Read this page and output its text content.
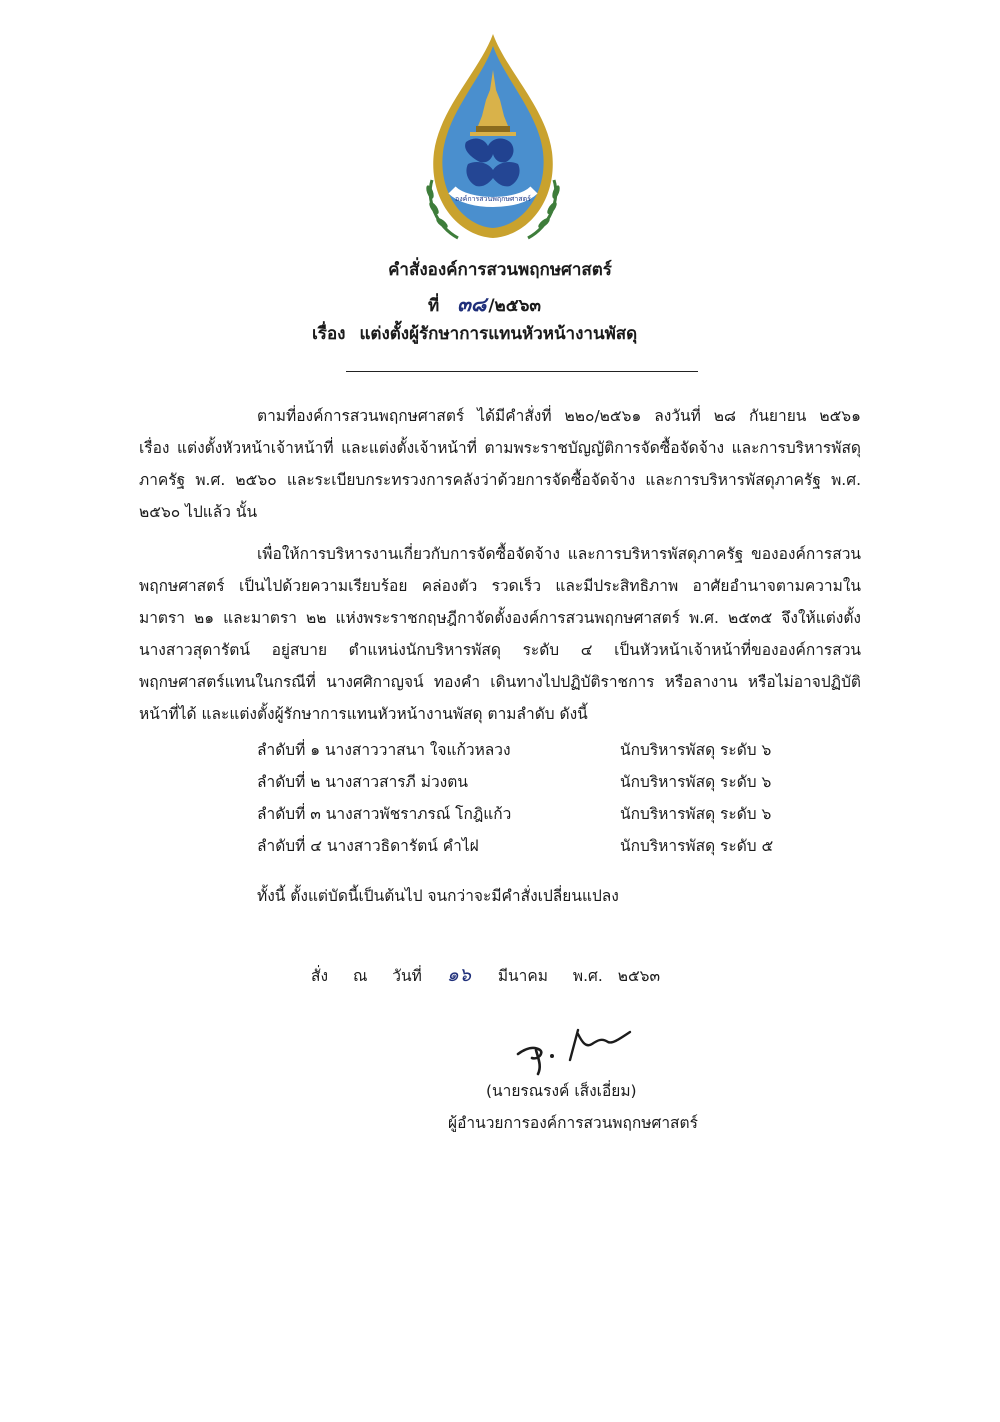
องค์การสวนพฤกษศาสตร์
คำสั่งองค์การสวนพฤกษศาสตร์
ที่ ๓๘ /๒๕๖๓
เรื่อง แต่งตั้งผู้รักษาการแทนหัวหน้างานพัสดุ
ตามที่องค์การสวนพฤกษศาสตร์ ได้มีคำสั่งที่ ๒๒๐/๒๕๖๑ ลงวันที่ ๒๘ กันยายน ๒๕๖๑
เรื่อง แต่งตั้งหัวหน้าเจ้าหน้าที่ และแต่งตั้งเจ้าหน้าที่ ตามพระราชบัญญัติการจัดซื้อจัดจ้าง และการบริหารพัสดุ
ภาครัฐ พ.ศ. ๒๕๖๐ และระเบียบกระทรวงการคลังว่าด้วยการจัดซื้อจัดจ้าง และการบริหารพัสดุภาครัฐ พ.ศ.
๒๕๖๐ ไปแล้ว นั้น
เพื่อให้การบริหารงานเกี่ยวกับการจัดซื้อจัดจ้าง และการบริหารพัสดุภาครัฐ ขององค์การสวน
พฤกษศาสตร์ เป็นไปด้วยความเรียบร้อย คล่องตัว รวดเร็ว และมีประสิทธิภาพ อาศัยอำนาจตามความใน
มาตรา ๒๑ และมาตรา ๒๒ แห่งพระราชกฤษฎีกาจัดตั้งองค์การสวนพฤกษศาสตร์ พ.ศ. ๒๕๓๕ จึงให้แต่งตั้ง
นางสาวสุดารัตน์ อยู่สบาย ตำแหน่งนักบริหารพัสดุ ระดับ ๔ เป็นหัวหน้าเจ้าหน้าที่ขององค์การสวน
พฤกษศาสตร์แทนในกรณีที่ นางศศิกาญจน์ ทองคำ เดินทางไปปฏิบัติราชการ หรือลางาน หรือไม่อาจปฏิบัติ
หน้าที่ได้ และแต่งตั้งผู้รักษาการแทนหัวหน้างานพัสดุ ตามลำดับ ดังนี้
ลำดับที่ ๑ นางสาววาสนา ใจแก้วหลวง	นักบริหารพัสดุ ระดับ ๖
ลำดับที่ ๒ นางสาวสารภี ม่วงตน	นักบริหารพัสดุ ระดับ ๖
ลำดับที่ ๓ นางสาวพัชราภรณ์ โกฎิแก้ว	นักบริหารพัสดุ ระดับ ๖
ลำดับที่ ๔ นางสาวธิดารัตน์ คำไฝ	นักบริหารพัสดุ ระดับ ๕
ทั้งนี้ ตั้งแต่บัดนี้เป็นต้นไป จนกว่าจะมีคำสั่งเปลี่ยนแปลง
สั่ง ณ วันที่ ๑๖ มีนาคม พ.ศ. ๒๕๖๓
(นายรณรงค์ เส็งเอี่ยม)
ผู้อำนวยการองค์การสวนพฤกษศาสตร์
